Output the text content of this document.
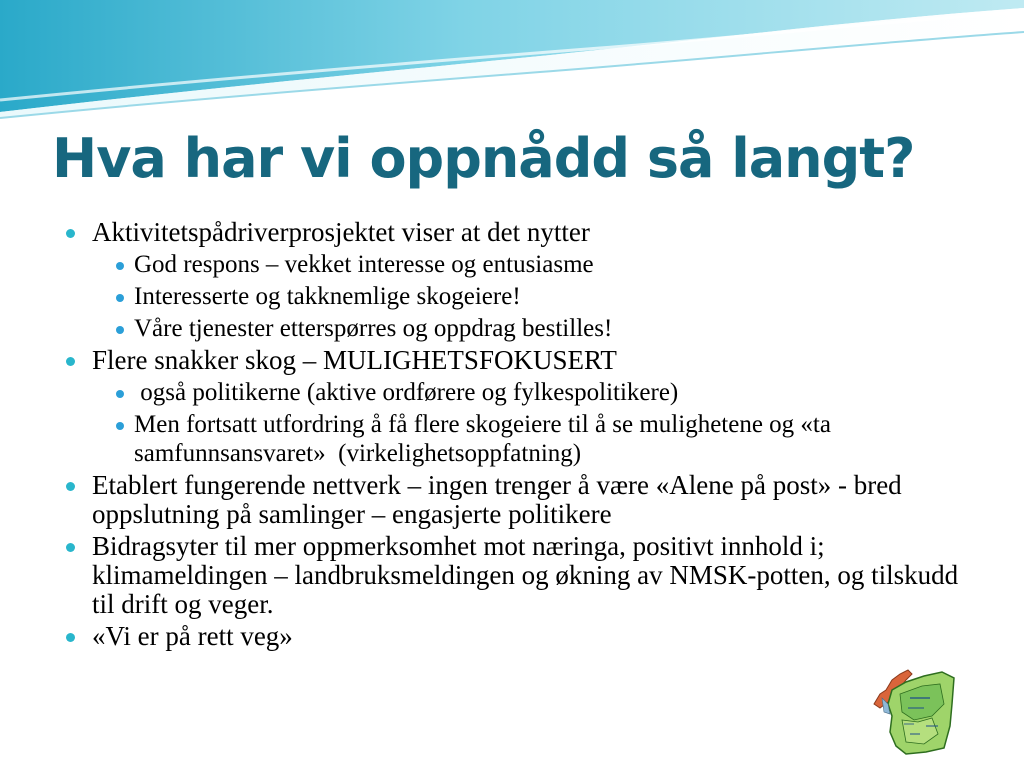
Hva har vi oppnådd så langt?
Aktivitetspådriverprosjektet viser at det nytter
God respons – vekket interesse og entusiasme
Interesserte og takknemlige skogeiere!
Våre tjenester etterspørres og oppdrag bestilles!
Flere snakker skog – MULIGHETSFOKUSERT
også politikerne (aktive ordførere og fylkespolitikere)
Men fortsatt utfordring å få flere skogeiere til å se mulighetene og «ta samfunnsansvaret»  (virkelighetsoppfatning)
Etablert fungerende nettverk – ingen trenger å være «Alene på post» - bred oppslutning på samlinger – engasjerte politikere
Bidragsyter til mer oppmerksomhet mot næringa, positivt innhold i; klimameldingen – landbruksmeldingen og økning av NMSK-potten, og tilskudd til drift og veger.
«Vi er på rett veg»
